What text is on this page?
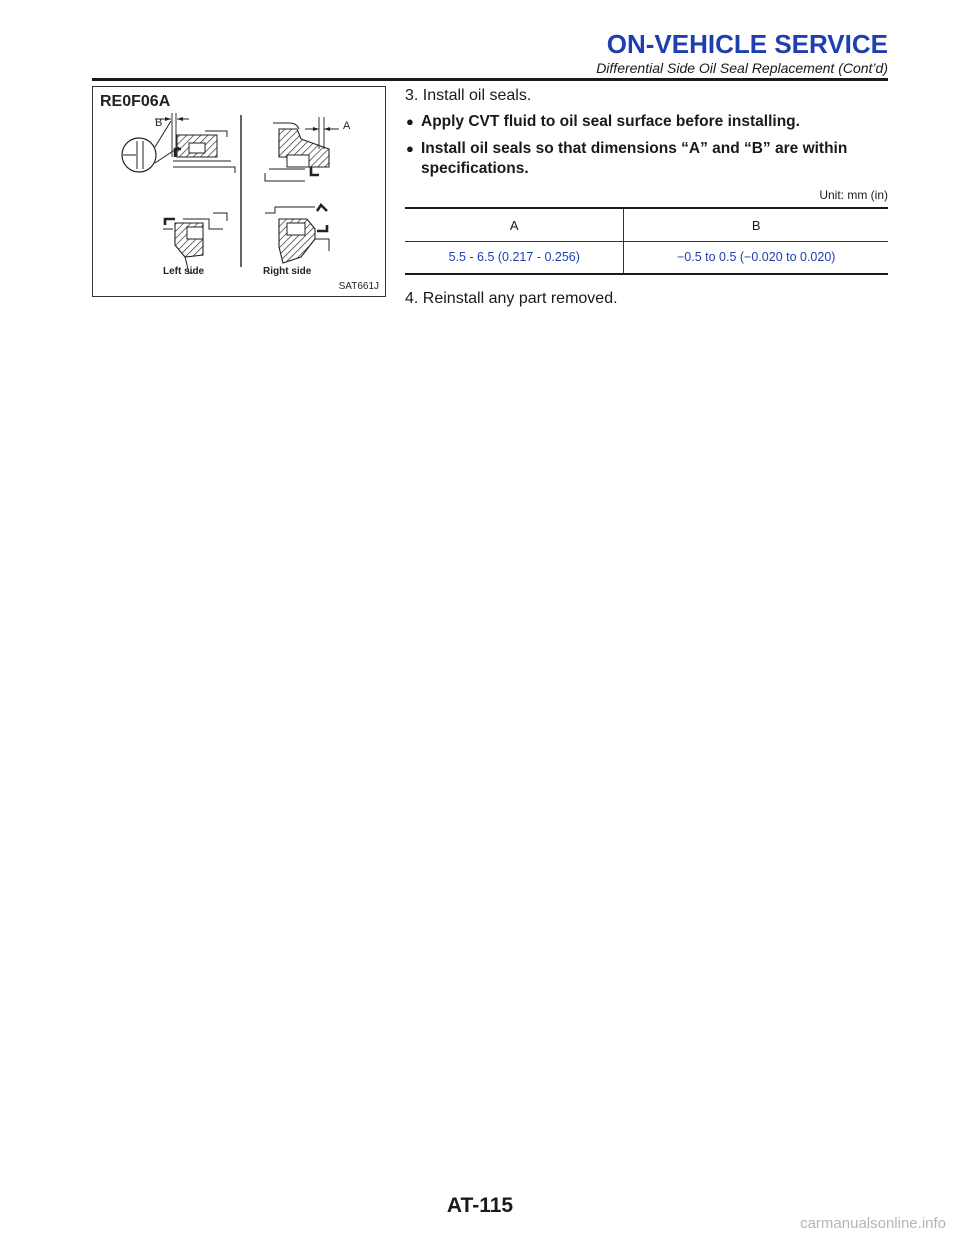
ON-VEHICLE SERVICE
Differential Side Oil Seal Replacement (Cont’d)
RE0F06A
B	A
Left side	Right side
SAT661J

3. Install oil seals.

● Apply CVT fluid to oil seal surface before installing.
● Install oil seals so that dimensions “A” and “B” are within specifications.
Unit: mm (in)
A	B
5.5 - 6.5 (0.217 - 0.256)	−0.5 to 0.5 (−0.020 to 0.020)

4. Reinstall any part removed.

AT-115
carmanualsonline.info
